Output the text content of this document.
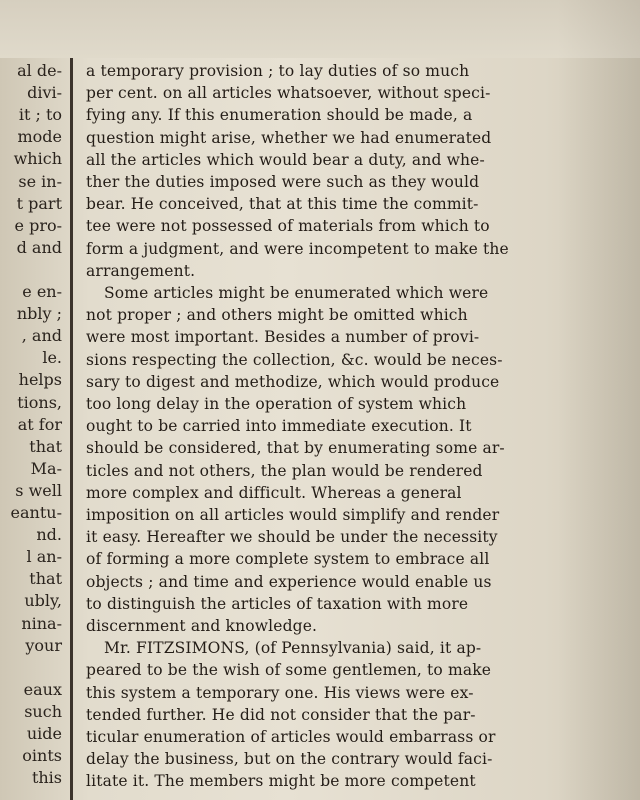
al de-
divi-
it ; to
mode
which
se in-
t part
e pro-
d and
e en-
nbly ;
, and
le.
helps
tions,
at for
that
Ma-
s well
eantu-
nd.
l an-
that
ubly,
nina-
your
eaux
such
uide
oints
this
a temporary provision ; to lay duties of so much
per cent. on all articles whatsoever, without speci-
fying any. If this enumeration should be made, a
question might arise, whether we had enumerated
all the articles which would bear a duty, and whe-
ther the duties imposed were such as they would
bear. He conceived, that at this time the commit-
tee were not possessed of materials from which to
form a judgment, and were incompetent to make the
arrangement.
Some articles might be enumerated which were
not proper ; and others might be omitted which
were most important. Besides a number of provi-
sions respecting the collection, &c. would be neces-
sary to digest and methodize, which would produce
too long delay in the operation of system which
ought to be carried into immediate execution. It
should be considered, that by enumerating some ar-
ticles and not others, the plan would be rendered
more complex and difficult. Whereas a general
imposition on all articles would simplify and render
it easy. Hereafter we should be under the necessity
of forming a more complete system to embrace all
objects ; and time and experience would enable us
to distinguish the articles of taxation with more
discernment and knowledge.
Mr. FITZSIMONS, (of Pennsylvania) said, it ap-
peared to be the wish of some gentlemen, to make
this system a temporary one. His views were ex-
tended further. He did not consider that the par-
ticular enumeration of articles would embarrass or
delay the business, but on the contrary would faci-
litate it. The members might be more competent
